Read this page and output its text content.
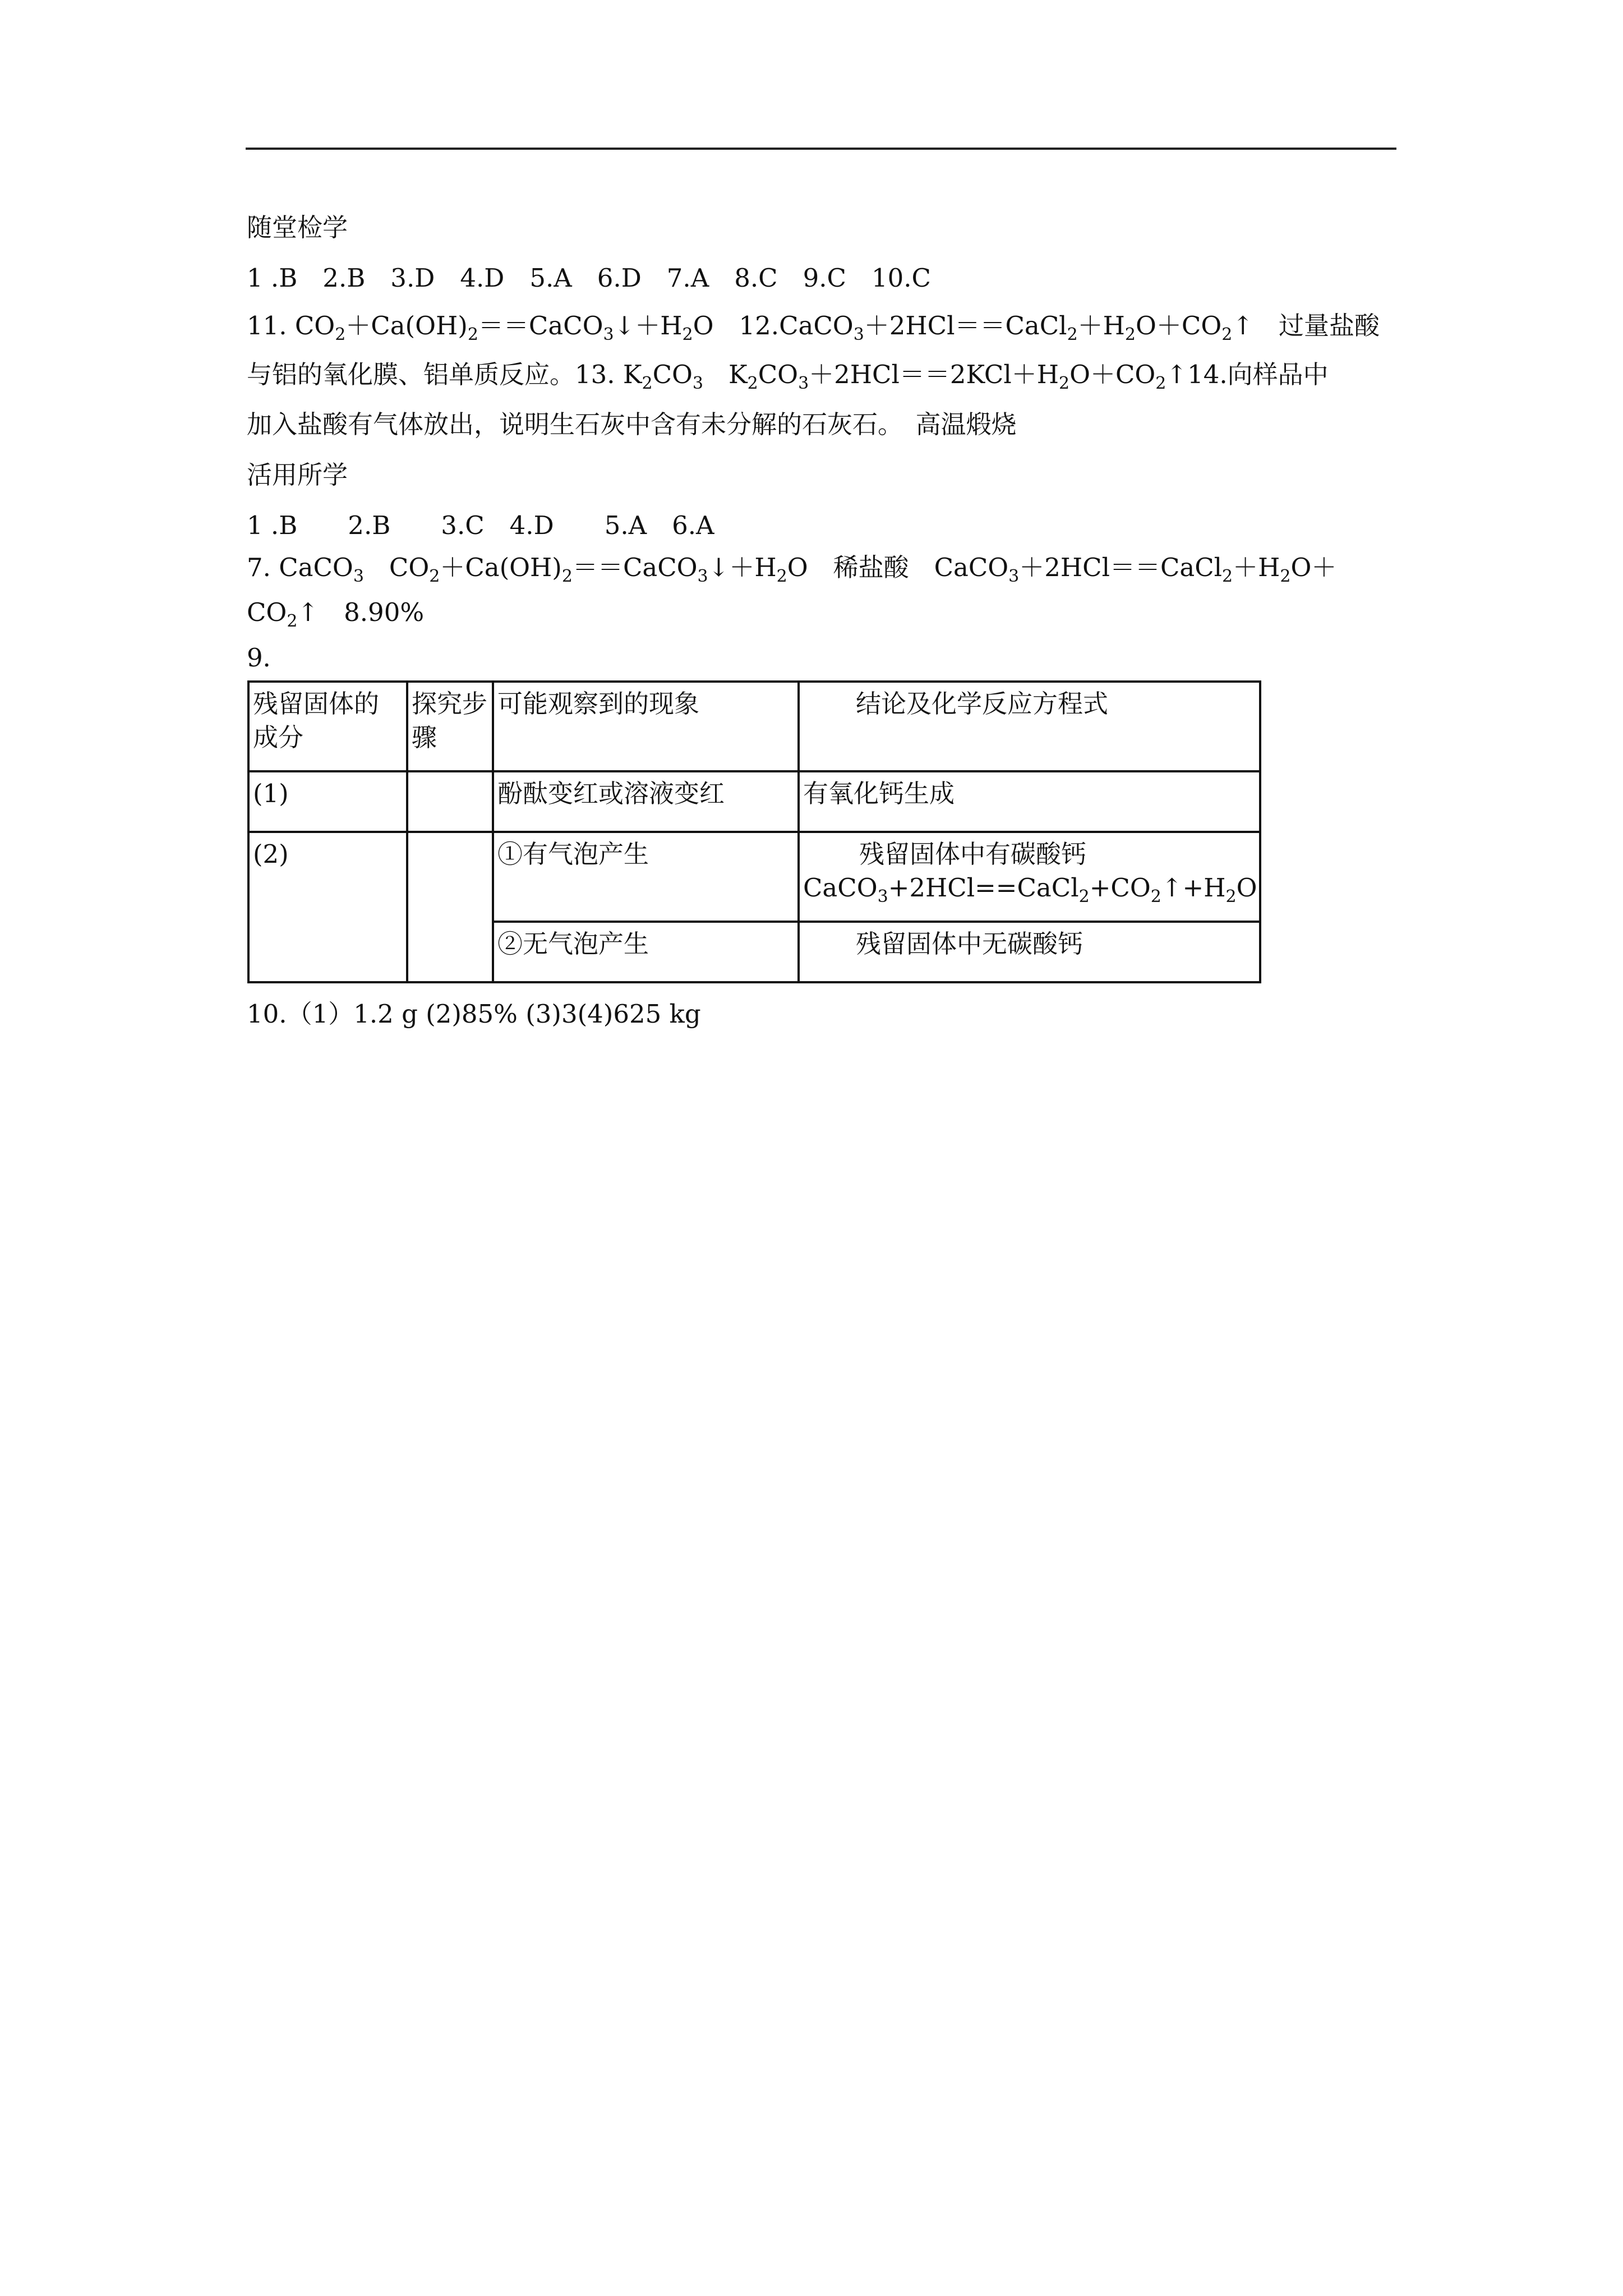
随堂检学
1 .B　2.B　3.D　4.D　5.A　6.D　7.A　8.C　9.C　10.C
11. $CO_2+Ca(OH)_2==CaCO_3↓+H_2O$　$12.CaCO_3+2HCl==CaCl_2+H_2O+CO_2↑$　过量盐酸
与铝的氧化膜、铝单质反应。13. $K_2CO_3$　$K_2CO_3+2HCl==2KCl+H_2O+CO_2↑14$.向样品中
加入盐酸有气体放出，说明生石灰中含有未分解的石灰石。　高温煅烧
活用所学
1 .B　　2.B　　3.C　4.D　　5.A　6.A
7. CaCO$_3$　$CO_2+Ca(OH)_2==CaCO_3↓+H_2O$　稀盐酸　$CaCO_3+2HCl==CaCl_2+H_2O+$
$CO_2↑$　8.90%
9．
残留固体的成分	探究步骤	可能观察到的现象	结论及化学反应方程式
(1)		酚酞变红或溶液变红	有氧化钙生成
(2)		①有气泡产生	残留固体中有碳酸钙
$CaCO_3+2HCl==CaCl_2+CO_2↑+H_2O$

		②无气泡产生	残留固体中无碳酸钙
10.（1）1.2 g (2)85% (3)3(4)625 kg
